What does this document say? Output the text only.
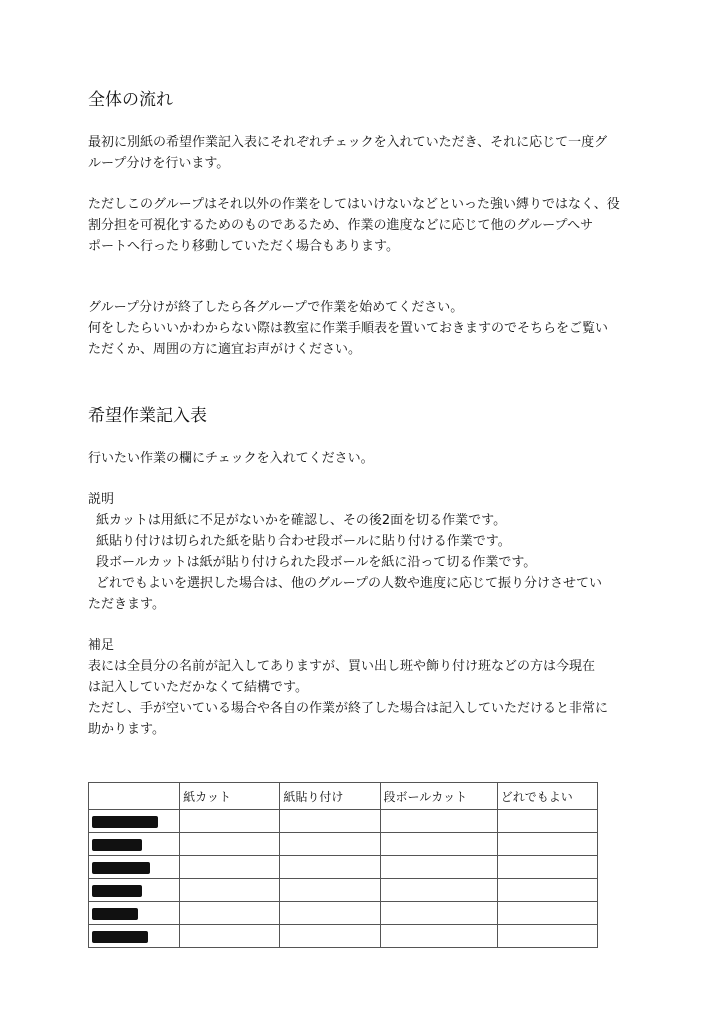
全体の流れ

最初に別紙の希望作業記入表にそれぞれチェックを入れていただき、それに応じて一度グ

ループ分けを行います。

ただしこのグループはそれ以外の作業をしてはいけないなどといった強い縛りではなく、役

割分担を可視化するためのものであるため、作業の進度などに応じて他のグループへサ

ポートへ行ったり移動していただく場合もあります。

グループ分けが終了したら各グループで作業を始めてください。

何をしたらいいかわからない際は教室に作業手順表を置いておきますのでそちらをご覧い

ただくか、周囲の方に適宜お声がけください。

希望作業記入表

行いたい作業の欄にチェックを入れてください。

説明

紙カットは用紙に不足がないかを確認し、その後2面を切る作業です。

紙貼り付けは切られた紙を貼り合わせ段ボールに貼り付ける作業です。

段ボールカットは紙が貼り付けられた段ボールを紙に沿って切る作業です。

どれでもよいを選択した場合は、他のグループの人数や進度に応じて振り分けさせてい

ただきます。

補足

表には全員分の名前が記入してありますが、買い出し班や飾り付け班などの方は今現在

は記入していただかなくて結構です。

ただし、手が空いている場合や各自の作業が終了した場合は記入していただけると非常に

助かります。

	紙カット	紙貼り付け	段ボールカット	どれでもよい
